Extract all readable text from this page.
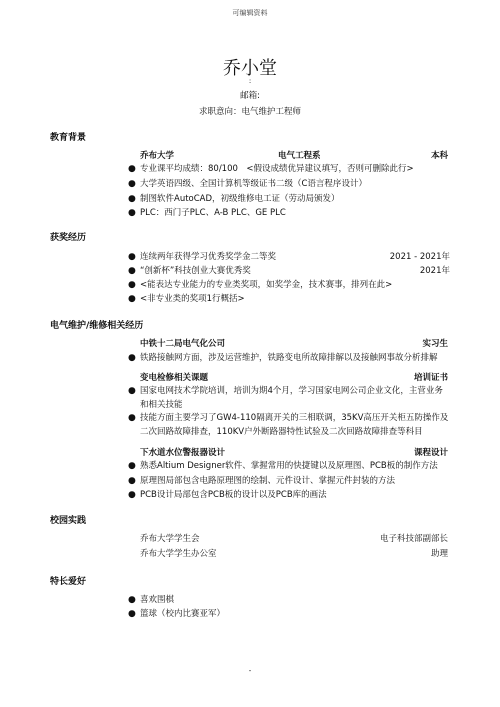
可编辑资料
乔小堂
:
邮箱:
求职意向：电气维护工程师
教育背景
乔布大学	电气工程系	本科
● 专业课平均成绩：80/100　<假设成绩优异建议填写，否则可删除此行>
● 大学英语四级、全国计算机等级证书二级（C语言程序设计）
● 制图软件AutoCAD，初级维修电工证（劳动局颁发）
● PLC：西门子PLC、A-B PLC、GE PLC
获奖经历
● 连续两年获得学习优秀奖学金二等奖	2021 - 2021年
● “创新杯”科技创业大赛优秀奖	2021年
● <能表达专业能力的专业类奖项，如奖学金，技术赛事，排列在此>
● <非专业类的奖项1行概括>
电气维护/维修相关经历
中铁十二局电气化公司	实习生
● 铁路接触网方面，涉及运营维护，铁路变电所故障排解以及接触网事故分析排解
变电检修相关课题	培训证书
● 国家电网技术学院培训，培训为期4个月，学习国家电网公司企业文化，主营业务和相关技能
● 技能方面主要学习了GW4-110隔离开关的三相联调，35KV高压开关柜五防操作及二次回路故障排查，110KV户外断路器特性试验及二次回路故障排查等科目
下水道水位警报器设计	课程设计
● 熟悉Altium Designer软件、掌握常用的快捷键以及原理图、PCB板的制作方法
● 原理图局部包含电路原理图的绘制、元件设计、掌握元件封装的方法
● PCB设计局部包含PCB板的设计以及PCB库的画法
校园实践
乔布大学学生会	电子科技部副部长
乔布大学学生办公室	助理
特长爱好
● 喜欢围棋
● 篮球（校内比赛亚军）
-
